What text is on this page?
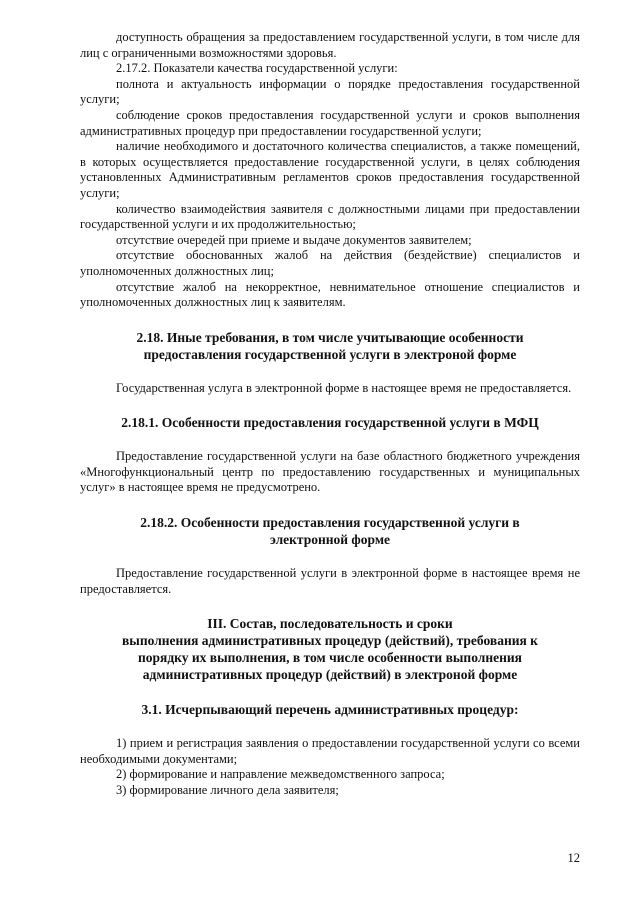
доступность обращения за предоставлением государственной услуги, в том числе для лиц с ограниченными возможностями здоровья.

2.17.2. Показатели качества государственной услуги:

полнота и актуальность информации о порядке предоставления государственной услуги;

соблюдение сроков предоставления государственной услуги и сроков выполнения административных процедур при предоставлении государственной услуги;

наличие необходимого и достаточного количества специалистов, а также помещений, в которых осуществляется предоставление государственной услуги, в целях соблюдения установленных Административным регламентов сроков предоставления государственной услуги;

количество взаимодействия заявителя с должностными лицами при предоставлении государственной услуги и их продолжительностью;

отсутствие очередей при приеме и выдаче документов заявителем;

отсутствие обоснованных жалоб на действия (бездействие) специалистов и уполномоченных должностных лиц;

отсутствие жалоб на некорректное, невнимательное отношение специалистов и уполномоченных должностных лиц к заявителям.

2.18. Иные требования, в том числе учитывающие особенности
предоставления государственной услуги в электроной форме

Государственная услуга в электронной форме в настоящее время не предоставляется.

2.18.1. Особенности предоставления государственной услуги в МФЦ

Предоставление государственной услуги на базе областного бюджетного учреждения «Многофункциональный центр по предоставлению государственных и муниципальных услуг» в настоящее время не предусмотрено.

2.18.2. Особенности предоставления государственной услуги в
электронной форме

Предоставление государственной услуги в электронной форме в настоящее время не предоставляется.

III. Состав, последовательность и сроки
выполнения административных процедур (действий), требования к
порядку их выполнения, в том числе особенности выполнения
административных процедур (действий) в электроной форме
3.1. Исчерпывающий перечень административных процедур:

1) прием и регистрация заявления о предоставлении государственной услуги со всеми необходимыми документами;

2) формирование и направление межведомственного запроса;

3) формирование личного дела заявителя;

12
